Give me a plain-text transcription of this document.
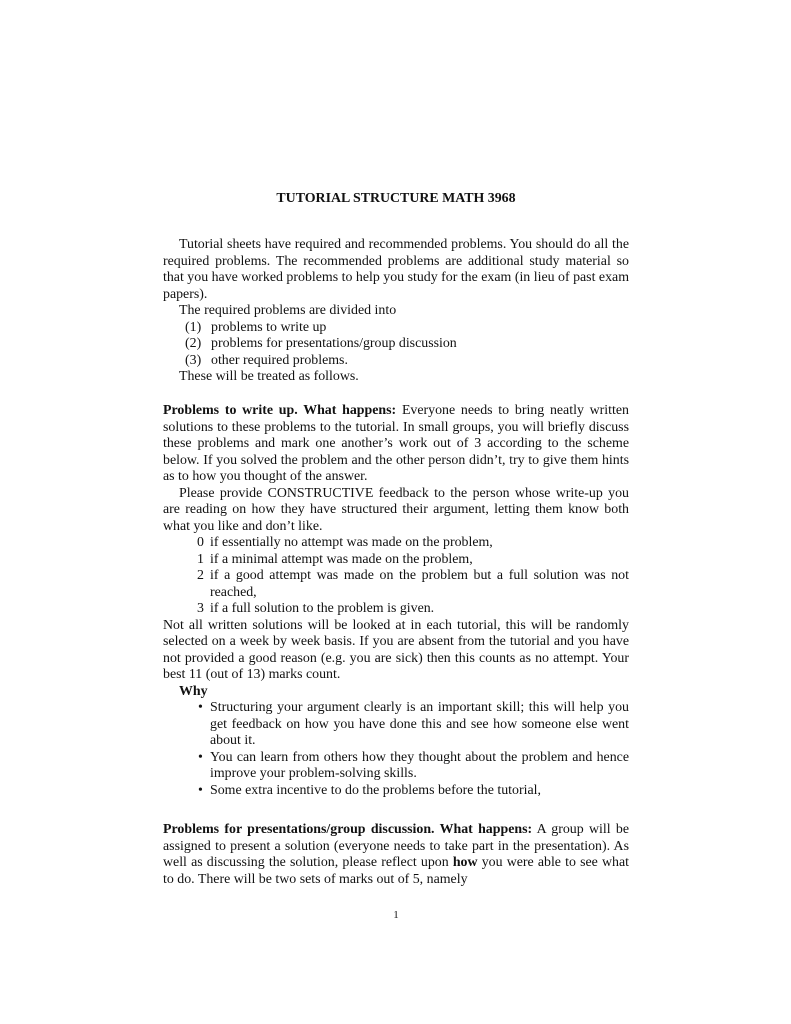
TUTORIAL STRUCTURE MATH 3968

Tutorial sheets have required and recommended problems. You should do all the required problems. The recommended problems are additional study material so that you have worked problems to help you study for the exam (in lieu of past exam papers).

The required problems are divided into

(1) problems to write up
(2) problems for presentations/group discussion
(3) other required problems.

These will be treated as follows.

Problems to write up. What happens: Everyone needs to bring neatly written solutions to these problems to the tutorial. In small groups, you will briefly discuss these problems and mark one another’s work out of 3 according to the scheme below. If you solved the problem and the other person didn’t, try to give them hints as to how you thought of the answer.

Please provide CONSTRUCTIVE feedback to the person whose write-up you are reading on how they have structured their argument, letting them know both what you like and don’t like.

0 if essentially no attempt was made on the problem,
1 if a minimal attempt was made on the problem,
2 if a good attempt was made on the problem but a full solution was not reached,
3 if a full solution to the problem is given.

Not all written solutions will be looked at in each tutorial, this will be randomly selected on a week by week basis. If you are absent from the tutorial and you have not provided a good reason (e.g. you are sick) then this counts as no attempt. Your best 11 (out of 13) marks count.

Why

• Structuring your argument clearly is an important skill; this will help you get feedback on how you have done this and see how someone else went about it.
• You can learn from others how they thought about the problem and hence improve your problem-solving skills.
• Some extra incentive to do the problems before the tutorial,

Problems for presentations/group discussion. What happens: A group will be assigned to present a solution (everyone needs to take part in the presentation). As well as discussing the solution, please reflect upon how you were able to see what to do. There will be two sets of marks out of 5, namely

1
